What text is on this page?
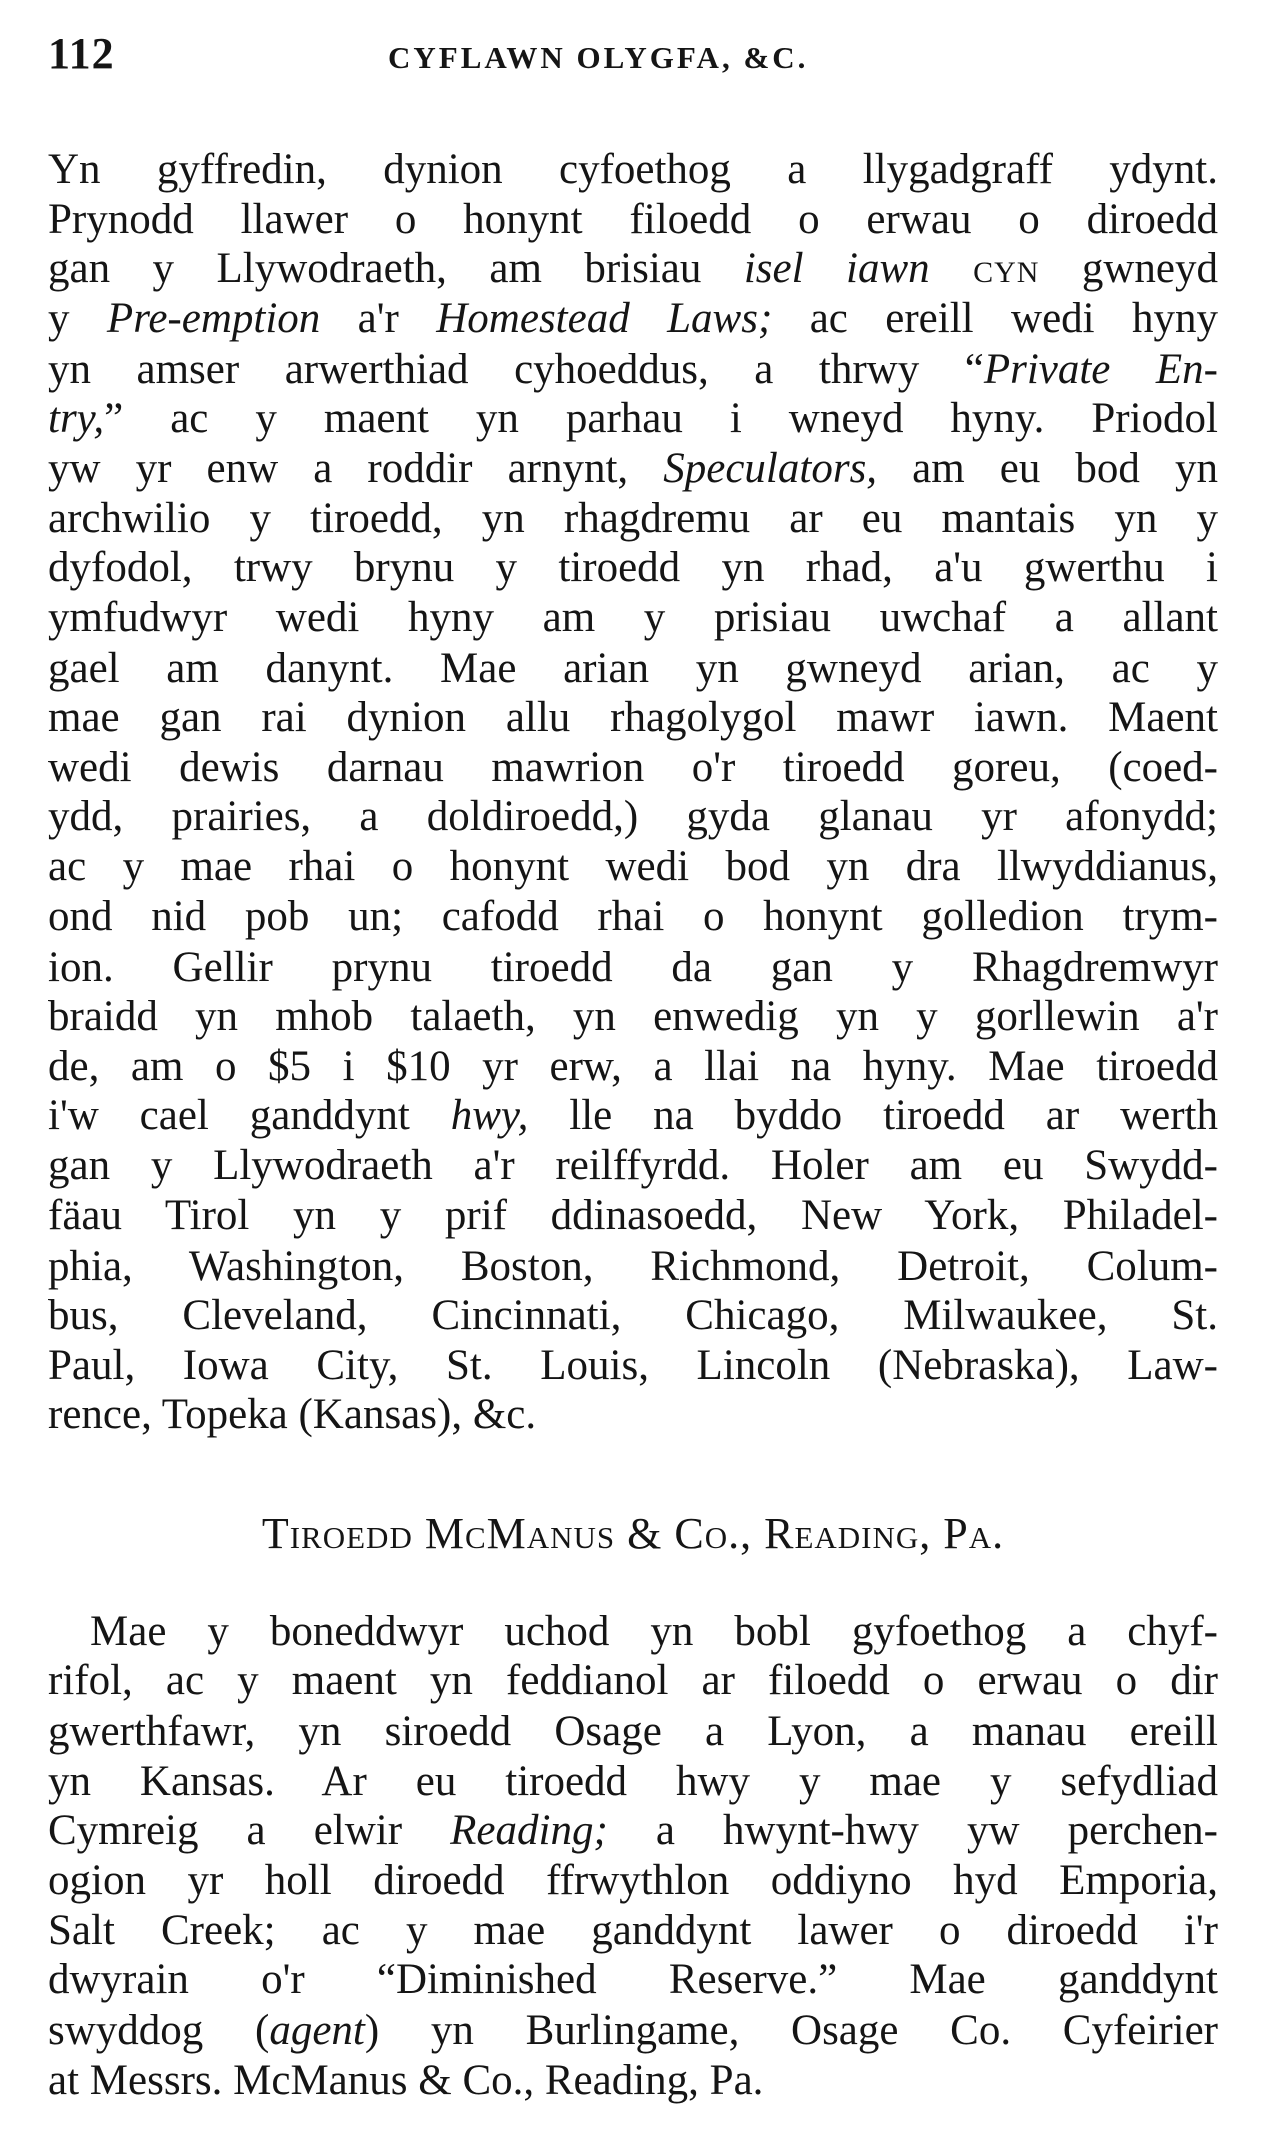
112	CYFLAWN OLYGFA, &C.
Yn gyffredin, dynion cyfoethog a llygadgraff ydynt.
Prynodd llawer o honynt filoedd o erwau o diroedd
gan y Llywodraeth, am brisiau isel iawn cyn gwneyd
y Pre-emption a'r Homestead Laws; ac ereill wedi hyny
yn amser arwerthiad cyhoeddus, a thrwy “Private En-
try,” ac y maent yn parhau i wneyd hyny. Priodol
yw yr enw a roddir arnynt, Speculators, am eu bod yn
archwilio y tiroedd, yn rhagdremu ar eu mantais yn y
dyfodol, trwy brynu y tiroedd yn rhad, a'u gwerthu i
ymfudwyr wedi hyny am y prisiau uwchaf a allant
gael am danynt. Mae arian yn gwneyd arian, ac y
mae gan rai dynion allu rhagolygol mawr iawn. Maent
wedi dewis darnau mawrion o'r tiroedd goreu, (coed-
ydd, prairies, a doldiroedd,) gyda glanau yr afonydd;
ac y mae rhai o honynt wedi bod yn dra llwyddianus,
ond nid pob un; cafodd rhai o honynt golledion trym-
ion. Gellir prynu tiroedd da gan y Rhagdremwyr
braidd yn mhob talaeth, yn enwedig yn y gorllewin a'r
de, am o $5 i $10 yr erw, a llai na hyny. Mae tiroedd
i'w cael ganddynt hwy, lle na byddo tiroedd ar werth
gan y Llywodraeth a'r reilffyrdd. Holer am eu Swydd-
fäau Tirol yn y prif ddinasoedd, New York, Philadel-
phia, Washington, Boston, Richmond, Detroit, Colum-
bus, Cleveland, Cincinnati, Chicago, Milwaukee, St.
Paul, Iowa City, St. Louis, Lincoln (Nebraska), Law-
rence, Topeka (Kansas), &c.
Tiroedd McManus & Co., Reading, Pa.
Mae y boneddwyr uchod yn bobl gyfoethog a chyf-
rifol, ac y maent yn feddianol ar filoedd o erwau o dir
gwerthfawr, yn siroedd Osage a Lyon, a manau ereill
yn Kansas. Ar eu tiroedd hwy y mae y sefydliad
Cymreig a elwir Reading; a hwynt-hwy yw perchen-
ogion yr holl diroedd ffrwythlon oddiyno hyd Emporia,
Salt Creek; ac y mae ganddynt lawer o diroedd i'r
dwyrain o'r “Diminished Reserve.” Mae ganddynt
swyddog (agent) yn Burlingame, Osage Co. Cyfeirier
at Messrs. McManus & Co., Reading, Pa.
